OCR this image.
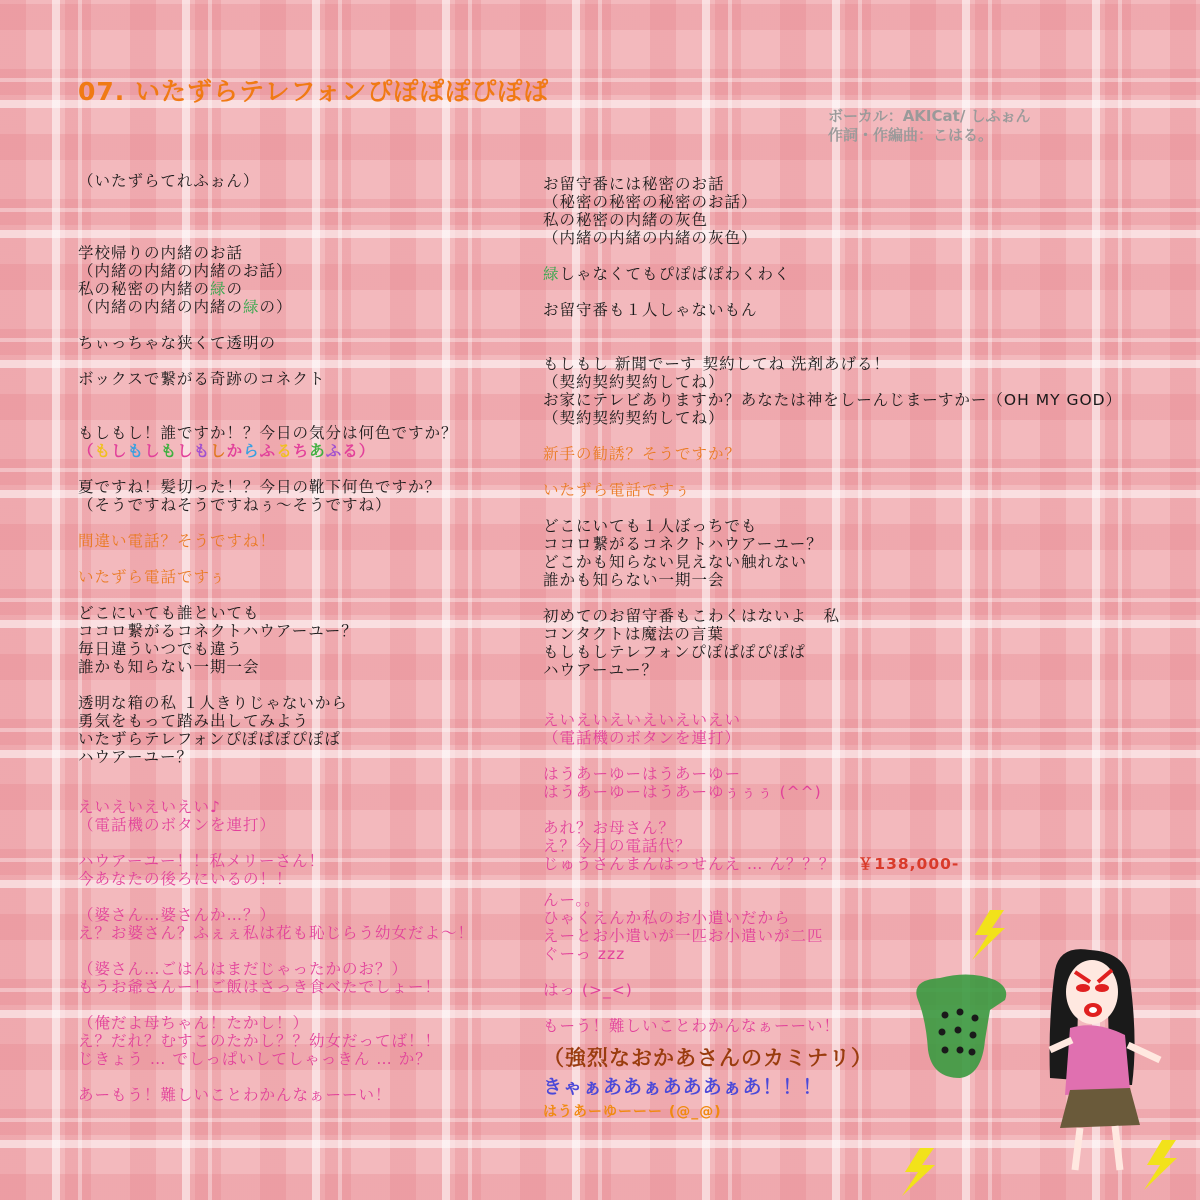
07. いたずらテレフォンぴぽぱぽぴぽぱ
ボーカル：AKICat/ しふぉん
作詞・作編曲：こはる。
（いたずらてれふぉん）

学校帰りの内緒のお話
（内緒の内緒の内緒のお話）
私の秘密の内緒の緑の
（内緒の内緒の内緒の緑の）
ちぃっちゃな狭くて透明の
ボックスで繋がる奇跡のコネクト

もしもし！誰ですか！？今日の気分は何色ですか？
（もしもしもしもしからふるちあふる）
夏ですね！髪切った！？今日の靴下何色ですか？
（そうですねそうですねぅ～そうですね）
間違い電話？そうですね！
いたずら電話ですぅ
どこにいても誰といても
ココロ繋がるコネクトハウアーユー？
毎日違ういつでも違う
誰かも知らない一期一会
透明な箱の私 １人きりじゃないから
勇気をもって踏み出してみよう
いたずらテレフォンぴぽぱぽぴぽぱ
ハウアーユー？

えいえいえいえい♪
（電話機のボタンを連打）
ハウアーユー！！私メリーさん！
今あなたの後ろにいるの！！
（婆さん…婆さんか…？）
え？お婆さん？ふぇぇ私は花も恥じらう幼女だよ～！
（婆さん…ごはんはまだじゃったかのお？）
もうお爺さんー！ご飯はさっき食べたでしょー！
（俺だよ母ちゃん！たかし！）
え？だれ？むすこのたかし？？幼女だってば！！
じきょう … でしっぱいしてしゃっきん … か？
あーもう！難しいことわかんなぁーーい！
お留守番には秘密のお話
（秘密の秘密の秘密のお話）
私の秘密の内緒の灰色
（内緒の内緒の内緒の灰色）
緑しゃなくてもぴぽぱぽわくわく
お留守番も１人しゃないもん

もしもし 新聞でーす 契約してね 洗剤あげる！
（契約契約契約してね）
お家にテレビありますか？あなたは神をしーんじまーすかー（OH MY GOD）
（契約契約契約してね）
新手の勧誘？そうですか？
いたずら電話ですぅ
どこにいても１人ぼっちでも
ココロ繋がるコネクトハウアーユー？
どこかも知らない見えない触れない
誰かも知らない一期一会
初めてのお留守番もこわくはないよ　私
コンタクトは魔法の言葉
もしもしテレフォンぴぽぱぽぴぽぱ
ハウアーユー？

えいえいえいえいえいえい
（電話機のボタンを連打）
はうあーゆーはうあーゆー
はうあーゆーはうあーゆぅぅぅ (^^)
あれ？お母さん？
え？今月の電話代？
じゅうさんまんはっせんえ … ん？？？　 ￥138,000-
んー。。
ひゃくえんか私のお小遣いだから
えーとお小遣いが一匹お小遣いが二匹
ぐーっ zzz
はっ (>_<)
もーう！難しいことわかんなぁーーい！
（強烈なおかあさんのカミナリ）
きゃぁああぁあああぁあ！！！
はうあーゆーーー (@_@)
